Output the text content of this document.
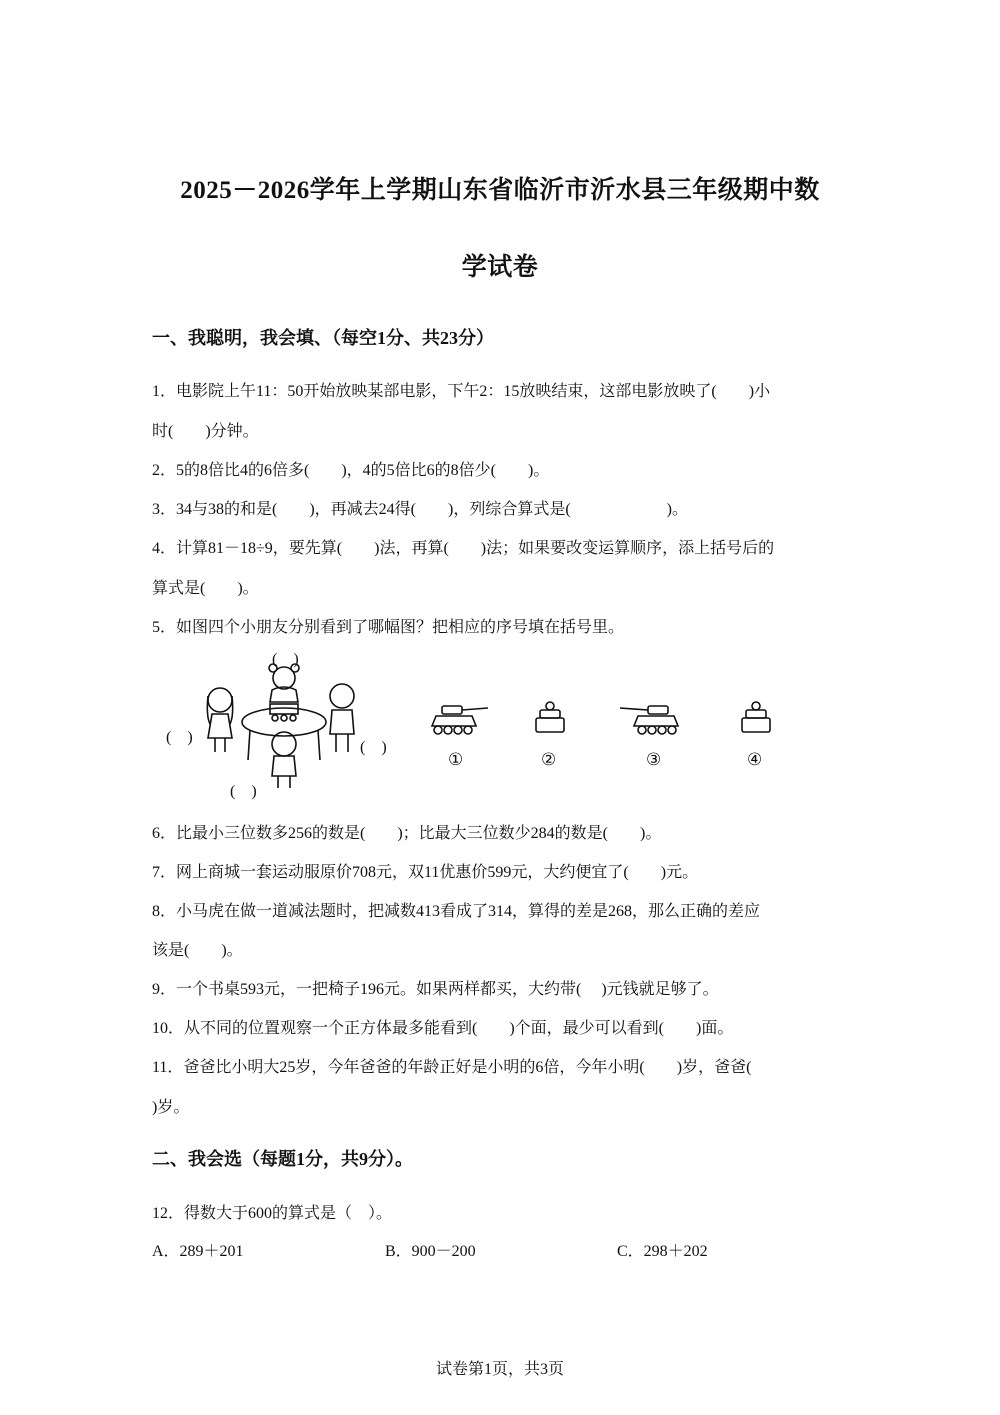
2025－2026学年上学期山东省临沂市沂水县三年级期中数
学试卷
一、我聪明，我会填、（每空1分、共23分）
1．电影院上午11：50开始放映某部电影，下午2：15放映结束，这部电影放映了(　　)小
时(　　)分钟。
2．5的8倍比4的6倍多(　　)，4的5倍比6的8倍少(　　)。
3．34与38的和是(　　)，再减去24得(　　)，列综合算式是(　　　　　　)。
4．计算81－18÷9，要先算(　　)法，再算(　　)法；如果要改变运算顺序，添上括号后的
算式是(　　)。
5．如图四个小朋友分别看到了哪幅图？把相应的序号填在括号里。
(　)
(　)
(　)
(　)
①	②	③	④
6．比最小三位数多256的数是(　　)；比最大三位数少284的数是(　　)。
7．网上商城一套运动服原价708元，双11优惠价599元，大约便宜了(　　)元。
8．小马虎在做一道减法题时，把减数413看成了314，算得的差是268，那么正确的差应
该是(　　)。
9．一个书桌593元，一把椅子196元。如果两样都买，大约带(　 )元钱就足够了。
10．从不同的位置观察一个正方体最多能看到(　　)个面，最少可以看到(　　)面。
11．爸爸比小明大25岁，今年爸爸的年龄正好是小明的6倍，今年小明(　　)岁，爸爸(
)岁。
二、我会选（每题1分，共9分）。
12．得数大于600的算式是（　）。
A．289＋201	B．900－200	C．298＋202
试卷第1页，共3页
